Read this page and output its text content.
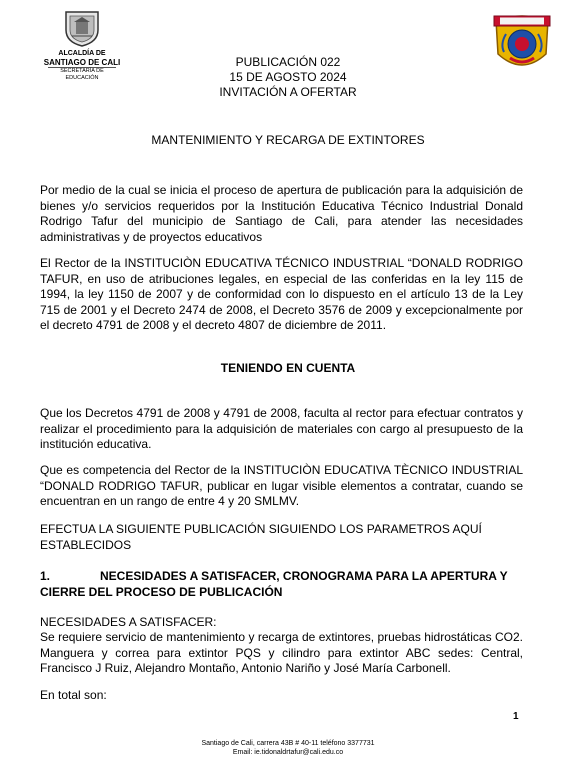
ALCALDÍA DE
SANTIAGO DE CALI
SECRETARÍA DE EDUCACIÓN
PUBLICACIÓN 022
15 DE AGOSTO 2024
INVITACIÓN A OFERTAR
MANTENIMIENTO Y RECARGA DE EXTINTORES
Por medio de la cual se inicia el proceso de apertura de publicación para la adquisición de bienes y/o servicios requeridos por la Institución Educativa Técnico Industrial Donald Rodrigo Tafur del municipio de Santiago de Cali, para atender las necesidades administrativas y de proyectos educativos
El Rector de la INSTITUCIÒN EDUCATIVA TÉCNICO INDUSTRIAL “DONALD RODRIGO TAFUR, en uso de atribuciones legales, en especial de las conferidas en la ley 115 de 1994, la ley 1150 de 2007 y de conformidad con lo dispuesto en el artículo 13 de la Ley 715 de 2001 y el Decreto 2474 de 2008, el Decreto 3576 de 2009 y excepcionalmente por el decreto 4791 de 2008 y el decreto 4807 de diciembre de 2011.
TENIENDO EN CUENTA
Que los Decretos 4791 de 2008 y 4791 de 2008, faculta al rector para efectuar contratos y realizar el procedimiento para la adquisición de materiales con cargo al presupuesto de la institución educativa.
Que es competencia del Rector de la INSTITUCIÒN EDUCATIVA TÈCNICO INDUSTRIAL “DONALD RODRIGO TAFUR, publicar en lugar visible elementos a contratar, cuando se encuentran en un rango de entre 4 y 20 SMLMV.
EFECTUA LA SIGUIENTE PUBLICACIÓN SIGUIENDO LOS PARAMETROS AQUÍ ESTABLECIDOS
1.	NECESIDADES A SATISFACER, CRONOGRAMA PARA LA APERTURA Y CIERRE DEL PROCESO DE PUBLICACIÓN
NECESIDADES A SATISFACER:
Se requiere servicio de mantenimiento y recarga de extintores, pruebas hidrostáticas CO2. Manguera y correa para extintor PQS y cilindro para extintor ABC sedes: Central, Francisco J Ruiz, Alejandro Montaño, Antonio Nariño y José María Carbonell.
En total son:
1
Santiago de Cali, carrera 43B # 40-11 teléfono 3377731
Email: ie.tidonaldrtafur@cali.edu.co
